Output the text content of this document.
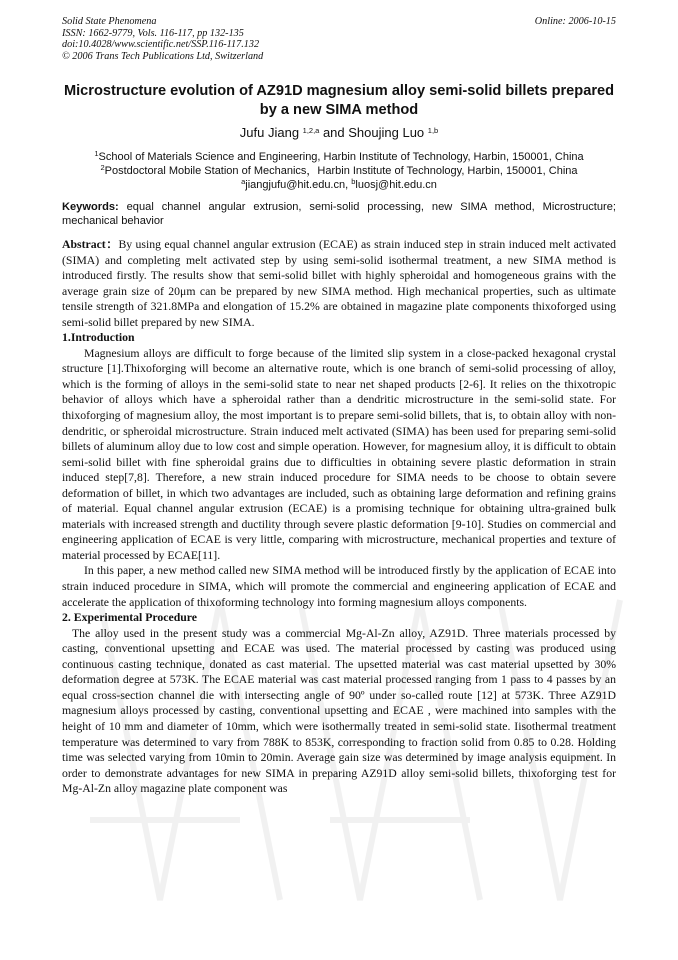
Solid State Phenomena
ISSN: 1662-9779, Vols. 116-117, pp 132-135
doi:10.4028/www.scientific.net/SSP.116-117.132
© 2006 Trans Tech Publications Ltd, Switzerland
Online: 2006-10-15
Microstructure evolution of AZ91D magnesium alloy semi-solid billets prepared by a new SIMA method
Jufu Jiang $^{1,2,a}$ and Shoujing Luo $^{1,b}$
$^1$School of Materials Science and Engineering, Harbin Institute of Technology, Harbin, 150001, China
$^2$Postdoctoral Mobile Station of Mechanics，Harbin Institute of Technology, Harbin, 150001, China
$^a$jiangjufu@hit.edu.cn, $^b$luosj@hit.edu.cn
Keywords: equal channel angular extrusion, semi-solid processing, new SIMA method, Microstructure; mechanical behavior

Abstract：By using equal channel angular extrusion (ECAE) as strain induced step in strain induced melt activated (SIMA) and completing melt activated step by using semi-solid isothermal treatment, a new SIMA method is introduced firstly. The results show that semi-solid billet with highly spheroidal and homogeneous grains with the average grain size of 20μm can be prepared by new SIMA method. High mechanical properties, such as ultimate tensile strength of 321.8MPa and elongation of 15.2% are obtained in magazine plate components thixoforged using semi-solid billet prepared by new SIMA.

1.Introduction

Magnesium alloys are difficult to forge because of the limited slip system in a close-packed hexagonal crystal structure [1].Thixoforging will become an alternative route, which is one branch of semi-solid processing of alloy, which is the forming of alloys in the semi-solid state to near net shaped products [2-6]. It relies on the thixotropic behavior of alloys which have a spheroidal rather than a dendritic microstructure in the semi-solid state. For thixoforging of magnesium alloy, the most important is to prepare semi-solid billets, that is, to obtain alloy with non-dendritic, or spheroidal microstructure. Strain induced melt activated (SIMA) has been used for preparing semi-solid billets of aluminum alloy due to low cost and simple operation. However, for magnesium alloy, it is difficult to obtain semi-solid billet with fine spheroidal grains due to difficulties in obtaining severe plastic deformation in strain induced step[7,8]. Therefore, a new strain induced procedure for SIMA needs to be choose to obtain severe deformation of billet, in which two advantages are included, such as obtaining large deformation and refining grains of material. Equal channel angular extrusion (ECAE) is a promising technique for obtaining ultra-grained bulk materials with increased strength and ductility through severe plastic deformation [9-10]. Studies on commercial and engineering application of ECAE is very little, comparing with microstructure, mechanical properties and texture of material processed by ECAE[11].

In this paper, a new method called new SIMA method will be introduced firstly by the application of ECAE into strain induced procedure in SIMA, which will promote the commercial and engineering application of ECAE and accelerate the application of thixoforming technology into forming magnesium alloys components.

2. Experimental Procedure

The alloy used in the present study was a commercial Mg-Al-Zn alloy, AZ91D. Three materials processed by casting, conventional upsetting and ECAE was used. The material processed by casting was produced using continuous casting technique, donated as cast material. The upsetted material was cast material upsetted by 30% deformation degree at 573K. The ECAE material was cast material processed ranging from 1 pass to 4 passes by an equal cross-section channel die with intersecting angle of 90º under so-called route [12] at 573K. Three AZ91D magnesium alloys processed by casting, conventional upsetting and ECAE , were machined into samples with the height of 10 mm and diameter of 10mm, which were isothermally treated in semi-solid state. Iisothermal treatment temperature was determined to vary from 788K to 853K, corresponding to fraction solid from 0.85 to 0.28. Holding time was selected varying from 10min to 20min. Average gain size was determined by image analysis equipment. In order to demonstrate advantages for new SIMA in preparing AZ91D alloy semi-solid billets, thixoforging test for Mg-Al-Zn alloy magazine plate component was
